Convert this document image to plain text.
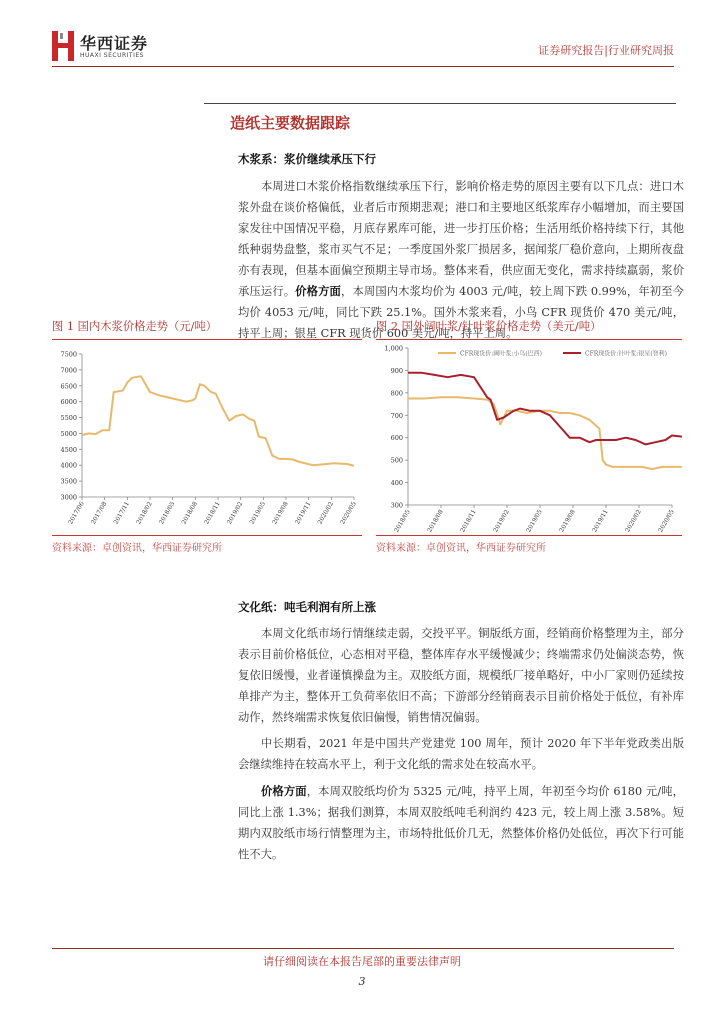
华西证券
HUAXI SECURITIES	证券研究报告|行业研究周报
造纸主要数据跟踪
木浆系：浆价继续承压下行

本周进口木浆价格指数继续承压下行，影响价格走势的原因主要有以下几点：进口木浆外盘在谈价格偏低，业者后市预期悲观；港口和主要地区纸浆库存小幅增加，而主要国家发往中国情况平稳，月底存累库可能，进一步打压价格；生活用纸价格持续下行，其他纸种弱势盘整，浆市买气不足；一季度国外浆厂损居多，据闻浆厂稳价意向，上期所夜盘亦有表现，但基本面偏空预期主导市场。整体来看，供应面无变化，需求持续羸弱，浆价承压运行。价格方面，本周国内木浆均价为 4003 元/吨，较上周下跌 0.99%，年初至今均价 4053 元/吨，同比下跌 25.1%。国外木浆来看，小鸟 CFR 现货价 470 美元/吨，持平上周；银星 CFR 现货价 600 美元/吨，持平上周。

图 1 国内木浆价格走势（元/吨）
3000
3500
4000
4500
5000
5500
6000
6500
7000
7500
2017/06 2017/08 2017/11 2018/02 2018/05 2018/08 2018/11 2019/02 2019/05 2019/08 2019/11 2020/02 2020/05
资料来源：卓创资讯，华西证券研究所
图 2 国外阔叶浆/针叶浆价格走势（美元/吨）
300
400
500
600
700
800
900
1,000
2018/05 2018/08 2018/11 2019/02 2019/05 2019/08 2019/11 2020/02 2020/05
CFR现货价:阔叶浆:小鸟(巴西)	CFR现货价:针叶浆:银星(智利)
资料来源：卓创资讯，华西证券研究所
文化纸：吨毛利润有所上涨

本周文化纸市场行情继续走弱，交投平平。铜版纸方面，经销商价格整理为主，部分表示目前价格低位，心态相对平稳，整体库存水平缓慢减少；终端需求仍处偏淡态势，恢复依旧缓慢，业者谨慎操盘为主。双胶纸方面，规模纸厂接单略好，中小厂家则仍延续按单排产为主，整体开工负荷率依旧不高；下游部分经销商表示目前价格处于低位，有补库动作，然终端需求恢复依旧偏慢，销售情况偏弱。

中长期看，2021 年是中国共产党建党 100 周年，预计 2020 年下半年党政类出版会继续维持在较高水平上，利于文化纸的需求处在较高水平。

价格方面，本周双胶纸均价为 5325 元/吨，持平上周，年初至今均价 6180 元/吨，同比上涨 1.3%；据我们测算，本周双胶纸吨毛利润约 423 元，较上周上涨 3.58%。短期内双胶纸市场行情整理为主，市场特批低价几无，然整体价格仍处低位，再次下行可能性不大。

请仔细阅读在本报告尾部的重要法律声明
3
